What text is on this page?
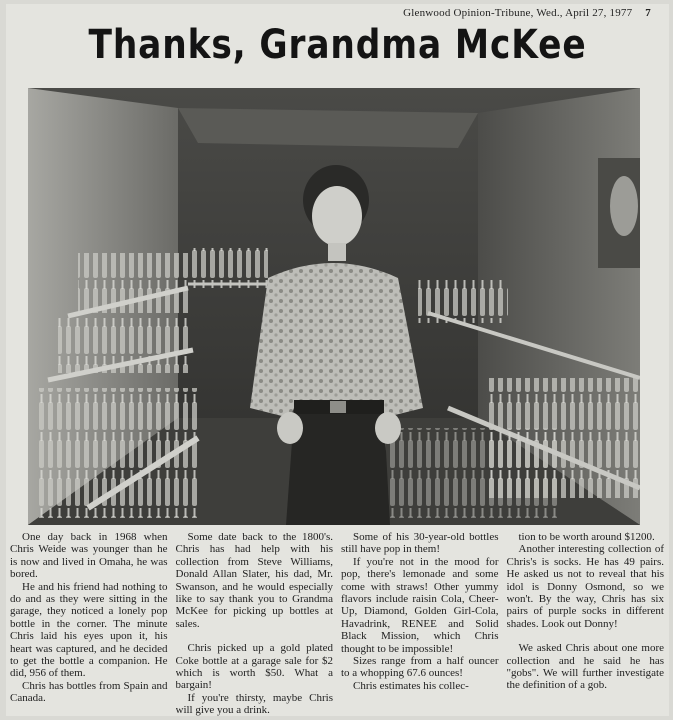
Glenwood Opinion-Tribune, Wed., April 27, 1977 7
Thanks, Grandma McKee

One day back in 1968 when Chris Weide was younger than he is now and lived in Omaha, he was bored.

He and his friend had nothing to do and as they were sitting in the garage, they noticed a lonely pop bottle in the corner. The minute Chris laid his eyes upon it, his heart was captured, and he decided to get the bottle a companion. He did, 956 of them.

Chris has bottles from Spain and Canada.

Some date back to the 1800's. Chris has had help with his collection from Steve Williams, Donald Allan Slater, his dad, Mr. Swanson, and he would especially like to say thank you to Grandma McKee for picking up bottles at sales.

Chris picked up a gold plated Coke bottle at a garage sale for $2 which is worth $50. What a bargain!

If you're thirsty, maybe Chris will give you a drink.

Some of his 30-year-old bottles still have pop in them!

If you're not in the mood for pop, there's lemonade and some come with straws! Other yummy flavors include raisin Cola, Cheer-Up, Diamond, Golden Girl-Cola, Havadrink, RENEE and Solid Black Mission, which Chris thought to be impossible!

Sizes range from a half ouncer to a whopping 67.6 ounces!

Chris estimates his collec-

tion to be worth around $1200.

Another interesting collection of Chris's is socks. He has 49 pairs. He asked us not to reveal that his idol is Donny Osmond, so we won't. By the way, Chris has six pairs of purple socks in different shades. Look out Donny!

We asked Chris about one more collection and he said he has "gobs". We will further investigate the definition of a gob.
